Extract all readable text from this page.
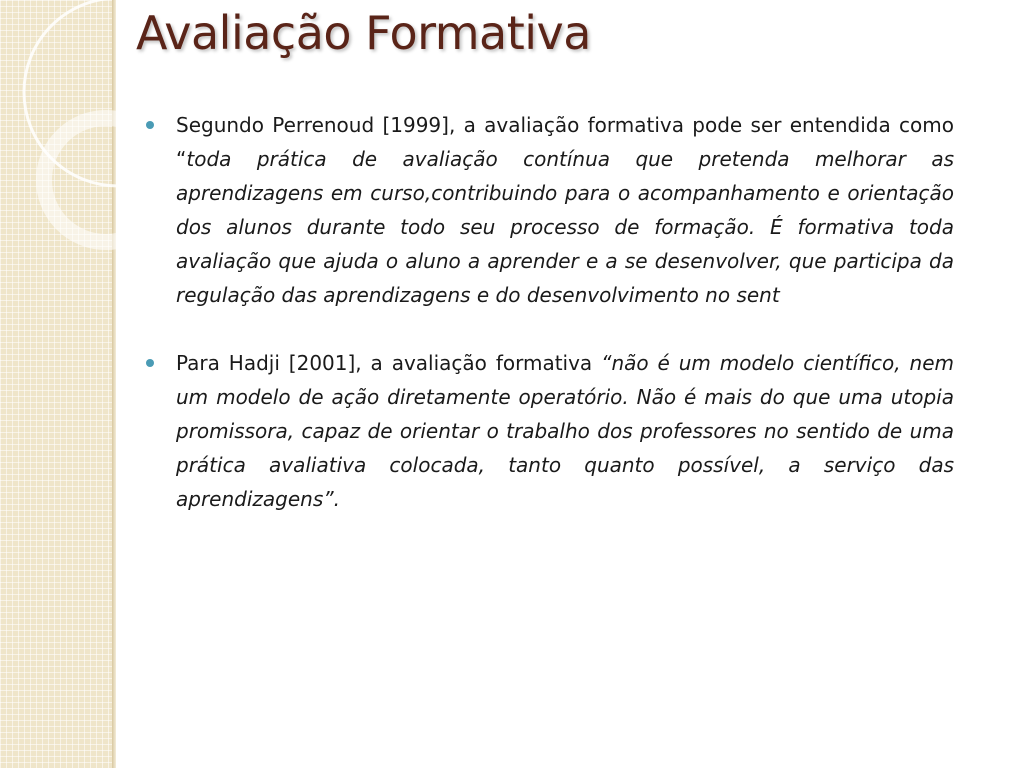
Avaliação Formativa
Segundo Perrenoud [1999], a avaliação formativa pode ser entendida como “toda prática de avaliação contínua que pretenda melhorar as aprendizagens em curso,contribuindo para o acompanhamento e orientação dos alunos durante todo seu processo de formação. É formativa toda avaliação que ajuda o aluno a aprender e a se desenvolver, que participa da regulação das aprendizagens e do desenvolvimento no sent
Para Hadji [2001], a avaliação formativa “não é um modelo científico, nem um modelo de ação diretamente operatório. Não é mais do que uma utopia promissora, capaz de orientar o trabalho dos professores no sentido de uma prática avaliativa colocada, tanto quanto possível, a serviço das aprendizagens”.
